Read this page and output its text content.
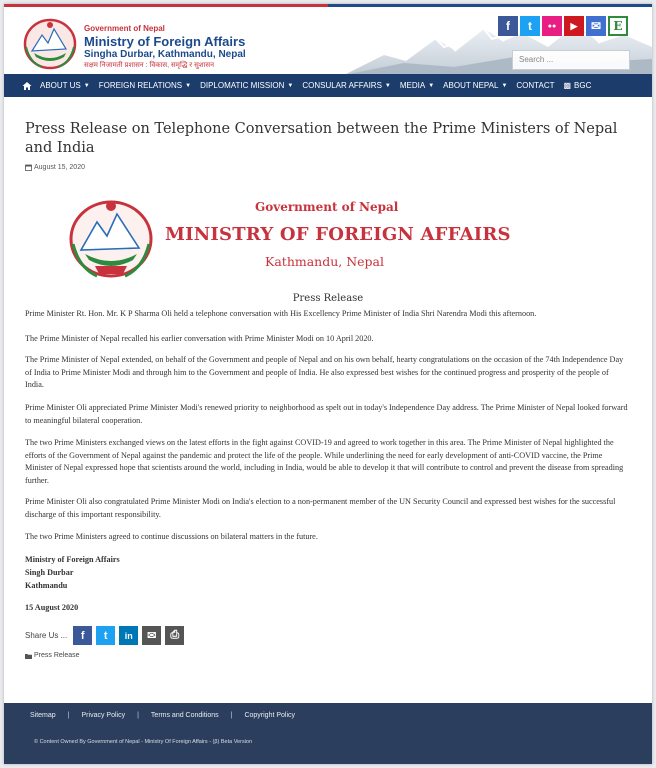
Government of Nepal
Ministry of Foreign Affairs
Singha Durbar, Kathmandu, Nepal
सक्षम निजामती प्रशासन : विकास, समृद्धि र सुशासन
f	t	●●	▶	✉	E
Search ...
ABOUT US ▼ FOREIGN RELATIONS ▼ DIPLOMATIC MISSION ▼ CONSULAR AFFAIRS ▼ MEDIA ▼ ABOUT NEPAL ▼ CONTACT ▩ BGC
Press Release on Telephone Conversation between the Prime Ministers of Nepal and India
August 15, 2020
Government of Nepal
MINISTRY OF FOREIGN AFFAIRS
Kathmandu, Nepal
Press Release

Prime Minister Rt. Hon. Mr. K P Sharma Oli held a telephone conversation with His Excellency Prime Minister of India Shri Narendra Modi this afternoon.

The Prime Minister of Nepal recalled his earlier conversation with Prime Minister Modi on 10 April 2020.

The Prime Minister of Nepal extended, on behalf of the Government and people of Nepal and on his own behalf, hearty congratulations on the occasion of the 74th Independence Day of India to Prime Minister Modi and through him to the Government and people of India. He also expressed best wishes for the continued progress and prosperity of the people of India.

Prime Minister Oli appreciated Prime Minister Modi's renewed priority to neighborhood as spelt out in today's Independence Day address. The Prime Minister of Nepal looked forward to meaningful bilateral cooperation.

The two Prime Ministers exchanged views on the latest efforts in the fight against COVID-19 and agreed to work together in this area. The Prime Minister of Nepal highlighted the efforts of the Government of Nepal against the pandemic and protect the life of the people. While underlining the need for early development of anti-COVID vaccine, the Prime Minister of Nepal expressed hope that scientists around the world, including in India, would be able to develop it that will contribute to control and prevent the disease from spreading further.

Prime Minister Oli also congratulated Prime Minister Modi on India's election to a non-permanent member of the UN Security Council and expressed best wishes for the successful discharge of this important responsibility.

The two Prime Ministers agreed to continue discussions on bilateral matters in the future.

Ministry of Foreign Affairs
Singh Durbar
Kathmandu
15 August 2020
Share Us ...	f	t	in	✉	⎙
Press Release
Sitemap | Privacy Policy | Terms and Conditions | Copyright Policy
© Content Owned By Government of Nepal - Ministry Of Foreign Affairs - (β) Beta Version
